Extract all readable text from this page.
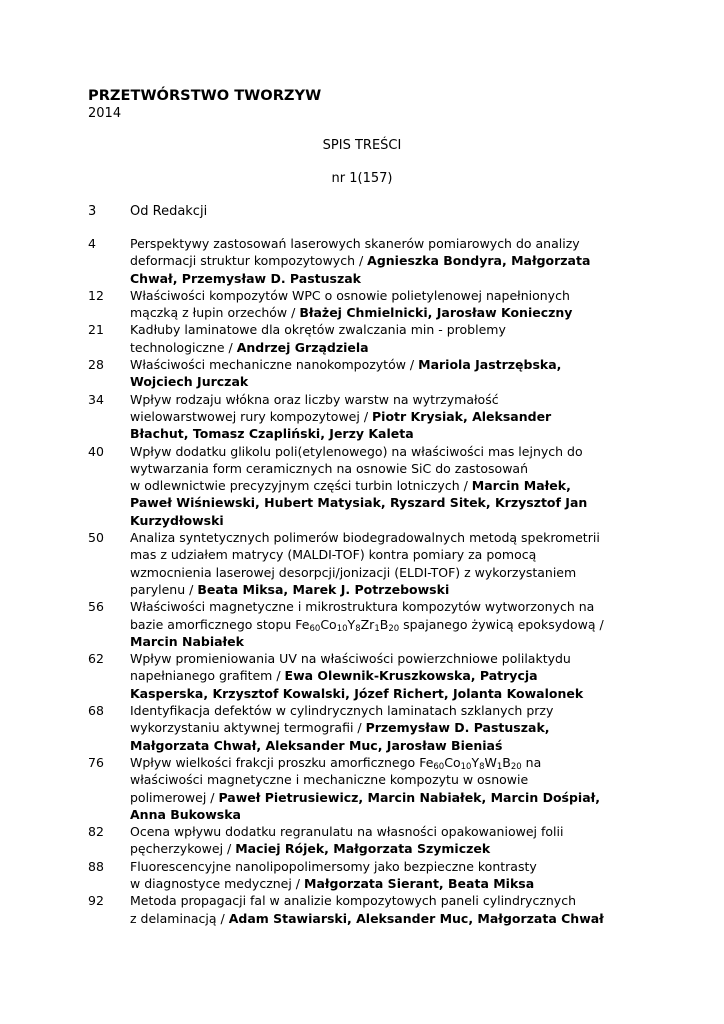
PRZETWÓRSTWO TWORZYW
2014
SPIS TREŚCI
nr 1(157)
3	Od Redakcji
4	Perspektywy zastosowań laserowych skanerów pomiarowych do analizy
deformacji struktur kompozytowych / Agnieszka Bondyra, Małgorzata
Chwał, Przemysław D. Pastuszak
12	Właściwości kompozytów WPC o osnowie polietylenowej napełnionych
mączką z łupin orzechów / Błażej Chmielnicki, Jarosław Konieczny
21	Kadłuby laminatowe dla okrętów zwalczania min - problemy
technologiczne / Andrzej Grządziela
28	Właściwości mechaniczne nanokompozytów / Mariola Jastrzębska,
Wojciech Jurczak
34	Wpływ rodzaju włókna oraz liczby warstw na wytrzymałość
wielowarstwowej rury kompozytowej / Piotr Krysiak, Aleksander
Błachut, Tomasz Czapliński, Jerzy Kaleta
40	Wpływ dodatku glikolu poli(etylenowego) na właściwości mas lejnych do
wytwarzania form ceramicznych na osnowie SiC do zastosowań
w odlewnictwie precyzyjnym części turbin lotniczych / Marcin Małek,
Paweł Wiśniewski, Hubert Matysiak, Ryszard Sitek, Krzysztof Jan
Kurzydłowski
50	Analiza syntetycznych polimerów biodegradowalnych metodą spekrometrii
mas z udziałem matrycy (MALDI-TOF) kontra pomiary za pomocą
wzmocnienia laserowej desorpcji/jonizacji (ELDI-TOF) z wykorzystaniem
parylenu / Beata Miksa, Marek J. Potrzebowski
56	Właściwości magnetyczne i mikrostruktura kompozytów wytworzonych na
bazie amorficznego stopu $Fe_{60}Co_{10}Y_8Zr_1B_{20}$ spajanego żywicą epoksydową /
Marcin Nabiałek
62	Wpływ promieniowania UV na właściwości powierzchniowe polilaktydu
napełnianego grafitem / Ewa Olewnik-Kruszkowska, Patrycja
Kasperska, Krzysztof Kowalski, Józef Richert, Jolanta Kowalonek
68	Identyfikacja defektów w cylindrycznych laminatach szklanych przy
wykorzystaniu aktywnej termografii / Przemysław D. Pastuszak,
Małgorzata Chwał, Aleksander Muc, Jarosław Bieniaś
76	Wpływ wielkości frakcji proszku amorficznego $Fe_{60}Co_{10}Y_8W_1B_{20}$ na
właściwości magnetyczne i mechaniczne kompozytu w osnowie
polimerowej / Paweł Pietrusiewicz, Marcin Nabiałek, Marcin Dośpiał,
Anna Bukowska
82	Ocena wpływu dodatku regranulatu na własności opakowaniowej folii
pęcherzykowej / Maciej Rójek, Małgorzata Szymiczek
88	Fluorescencyjne nanolipopolimersomy jako bezpieczne kontrasty
w diagnostyce medycznej / Małgorzata Sierant, Beata Miksa
92	Metoda propagacji fal w analizie kompozytowych paneli cylindrycznych
z delaminacją / Adam Stawiarski, Aleksander Muc, Małgorzata Chwał
